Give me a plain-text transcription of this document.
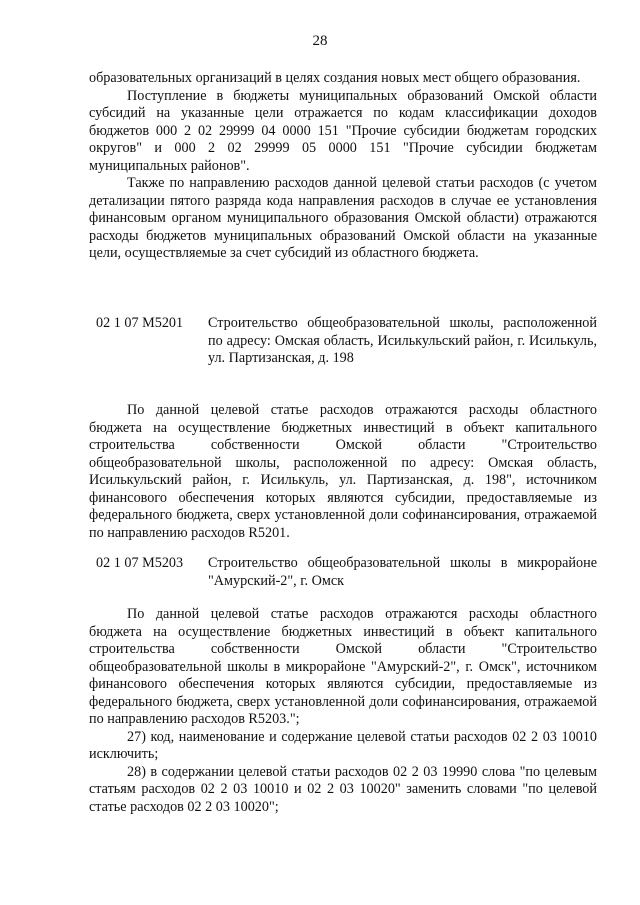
28

образовательных организаций в целях создания новых мест общего образования.

Поступление в бюджеты муниципальных образований Омской области субсидий на указанные цели отражается по кодам классификации доходов бюджетов 000 2 02 29999 04 0000 151 "Прочие субсидии бюджетам городских округов" и 000 2 02 29999 05 0000 151 "Прочие субсидии бюджетам муниципальных районов".

Также по направлению расходов данной целевой статьи расходов (с учетом детализации пятого разряда кода направления расходов в случае ее установления финансовым органом муниципального образования Омской области) отражаются расходы бюджетов муниципальных образований Омской области на указанные цели, осуществляемые за счет субсидий из областного бюджета.

02 1 07 M5201 Строительство общеобразовательной школы, расположенной по адресу: Омская область, Исилькульский район, г. Исилькуль, ул. Партизанская, д. 198

По данной целевой статье расходов отражаются расходы областного бюджета на осуществление бюджетных инвестиций в объект капитального строительства собственности Омской области "Строительство общеобразовательной школы, расположенной по адресу: Омская область, Исилькульский район, г. Исилькуль, ул. Партизанская, д. 198", источником финансового обеспечения которых являются субсидии, предоставляемые из федерального бюджета, сверх установленной доли софинансирования, отражаемой по направлению расходов R5201.

02 1 07 M5203 Строительство общеобразовательной школы в микрорайоне "Амурский-2", г. Омск

По данной целевой статье расходов отражаются расходы областного бюджета на осуществление бюджетных инвестиций в объект капитального строительства собственности Омской области "Строительство общеобразовательной школы в микрорайоне "Амурский-2", г. Омск", источником финансового обеспечения которых являются субсидии, предоставляемые из федерального бюджета, сверх установленной доли софинансирования, отражаемой по направлению расходов R5203.";

27) код, наименование и содержание целевой статьи расходов 02 2 03 10010 исключить;

28) в содержании целевой статьи расходов 02 2 03 19990 слова "по целевым статьям расходов 02 2 03 10010 и 02 2 03 10020" заменить словами "по целевой статье расходов 02 2 03 10020";
